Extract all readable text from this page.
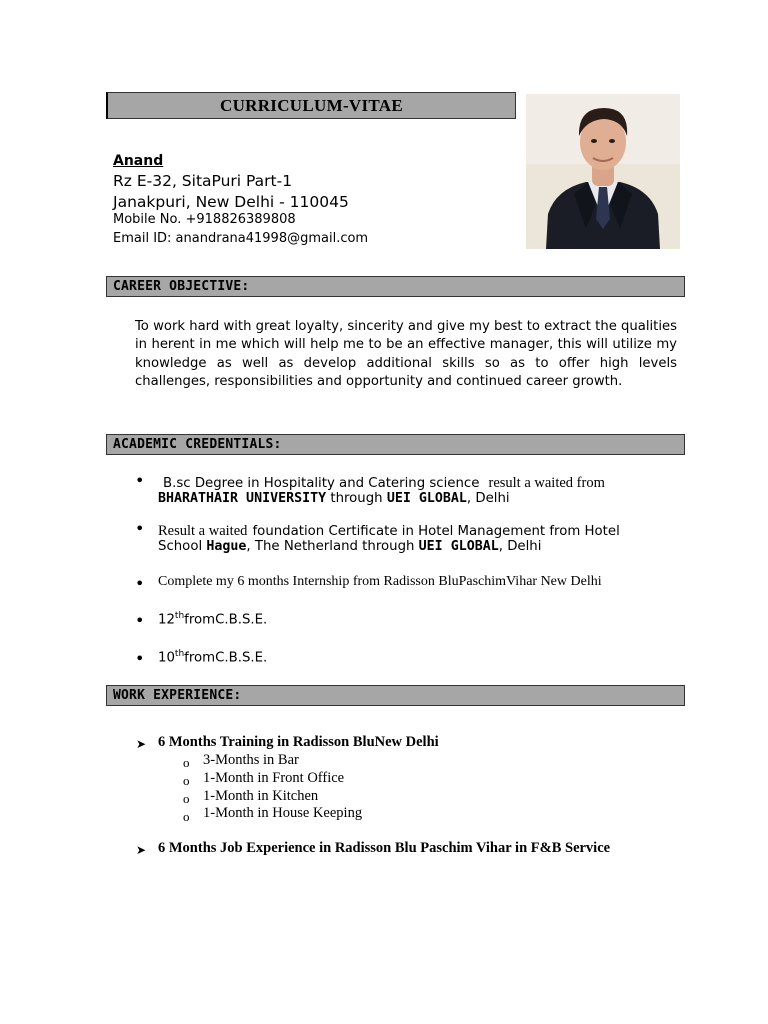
CURRICULUM-VITAE
Anand
Rz E-32, SitaPuri Part-1
Janakpuri, New Delhi - 110045
Mobile No. +918826389808
Email ID: anandrana41998@gmail.com
CAREER OBJECTIVE:
To work hard with great loyalty, sincerity and give my best to extract the qualities in herent in me which will help me to be an effective manager, this will utilize my knowledge as well as develop additional skills so as to offer high levels challenges, responsibilities and opportunity and continued career growth.
ACADEMIC CREDENTIALS:
•	B.sc Degree in Hospitality and Catering science result a waited from
BHARATHAIR UNIVERSITY through UEI GLOBAL, Delhi
• Result a waited foundation Certificate in Hotel Management from Hotel
School Hague, The Netherland through UEI GLOBAL, Delhi
• Complete my 6 months Internship from Radisson BluPaschimVihar New Delhi
• 12thfromC.B.S.E.
• 10thfromC.B.S.E.
WORK EXPERIENCE:
➤ 6 Months Training in Radisson BluNew Delhi
o 3-Months in Bar
o 1-Month in Front Office
o 1-Month in Kitchen
o 1-Month in House Keeping
➤ 6 Months Job Experience in Radisson Blu Paschim Vihar in F&B Service
